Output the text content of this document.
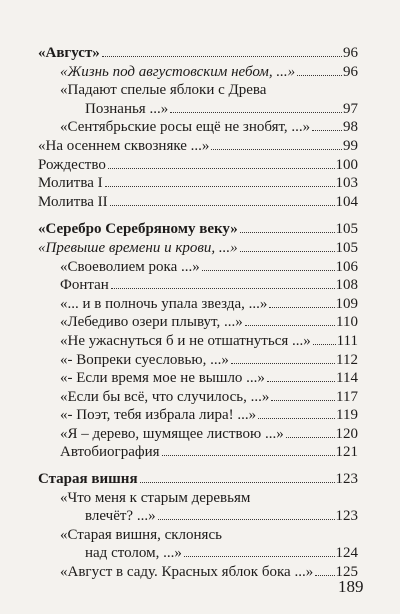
«Август»	96
«Жизнь под августовским небом, ...»	96
«Падают спелые яблоки с Древа
Познанья ...»	97
«Сентябрьские росы ещё не знобят, ...» 98
«На осеннем сквозняке ...»	99
Рождество	100
Молитва I	103
Молитва II	104
«Серебро Серебряному веку»	105
«Превыше времени и крови, ...»	105
«Своеволием рока ...»	106
Фонтан	108
«... и в полночь упала звезда, ...»	109
«Лебедиво озери плывут, ...»	110
«Не ужаснуться б и не отшатнуться ...» 111
«- Вопреки суесловью, ...»	112
«- Если время мое не вышло ...»	114
«Если бы всё, что случилось, ...»	117
«- Поэт, тебя избрала лира! ...»	119
«Я – дерево, шумящее листвою ...»	120
Автобиография	121
Старая вишня	123
«Что меня к старым деревьям
влечёт? ...»	123
«Старая вишня, склонясь
над столом, ...»	124
«Август в саду. Красных яблок бока ...» 125
189
